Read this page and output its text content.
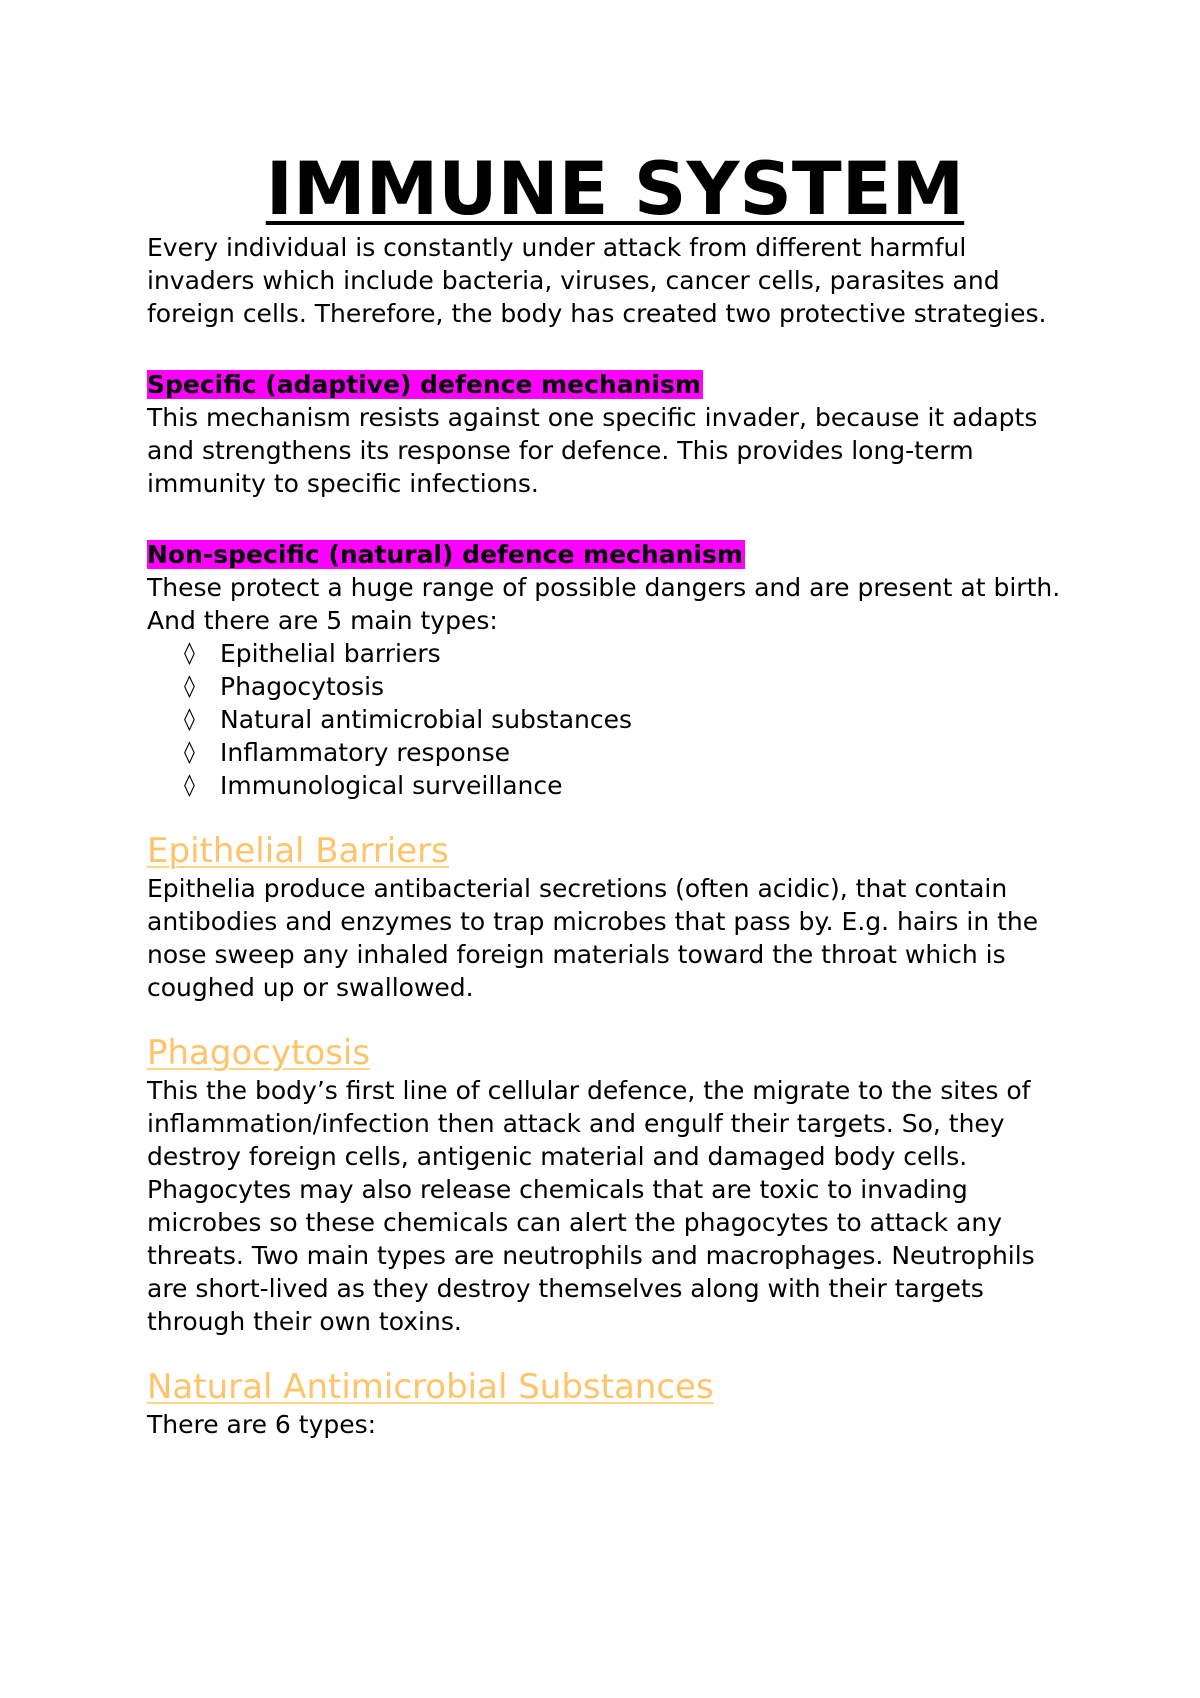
IMMUNE SYSTEM

Every individual is constantly under attack from different harmful invaders which include bacteria, viruses, cancer cells, parasites and foreign cells. Therefore, the body has created two protective strategies.

Specific (adaptive) defence mechanism

This mechanism resists against one specific invader, because it adapts and strengthens its response for defence. This provides long-term immunity to specific infections.

Non-specific (natural) defence mechanism

These protect a huge range of possible dangers and are present at birth. And there are 5 main types:

◊	Epithelial barriers
◊	Phagocytosis
◊	Natural antimicrobial substances
◊	Inflammatory response
◊	Immunological surveillance
Epithelial Barriers

Epithelia produce antibacterial secretions (often acidic), that contain antibodies and enzymes to trap microbes that pass by. E.g. hairs in the nose sweep any inhaled foreign materials toward the throat which is coughed up or swallowed.

Phagocytosis

This the body’s first line of cellular defence, the migrate to the sites of inflammation/infection then attack and engulf their targets. So, they destroy foreign cells, antigenic material and damaged body cells. Phagocytes may also release chemicals that are toxic to invading microbes so these chemicals can alert the phagocytes to attack any threats. Two main types are neutrophils and macrophages. Neutrophils are short-lived as they destroy themselves along with their targets through their own toxins.

Natural Antimicrobial Substances

There are 6 types:
